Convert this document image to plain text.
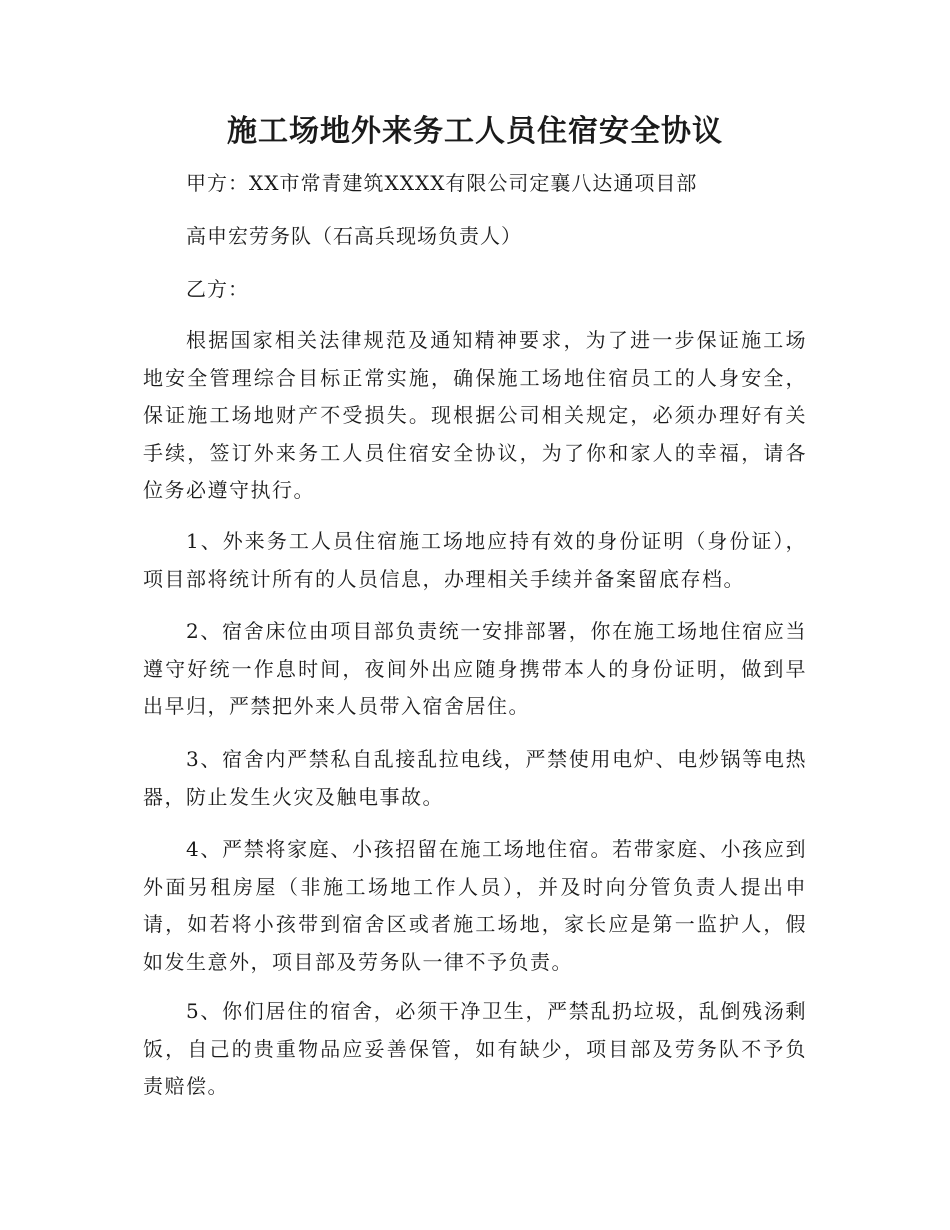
施工场地外来务工人员住宿安全协议
甲方：XX市常青建筑XXXX有限公司定襄八达通项目部
高申宏劳务队（石高兵现场负责人）
乙方：

根据国家相关法律规范及通知精神要求，为了进一步保证施工场地安全管理综合目标正常实施，确保施工场地住宿员工的人身安全，保证施工场地财产不受损失。现根据公司相关规定，必须办理好有关手续，签订外来务工人员住宿安全协议，为了你和家人的幸福，请各位务必遵守执行。

1、外来务工人员住宿施工场地应持有效的身份证明（身份证），项目部将统计所有的人员信息，办理相关手续并备案留底存档。

2、宿舍床位由项目部负责统一安排部署，你在施工场地住宿应当遵守好统一作息时间，夜间外出应随身携带本人的身份证明，做到早出早归，严禁把外来人员带入宿舍居住。

3、宿舍内严禁私自乱接乱拉电线，严禁使用电炉、电炒锅等电热器，防止发生火灾及触电事故。

4、严禁将家庭、小孩招留在施工场地住宿。若带家庭、小孩应到外面另租房屋（非施工场地工作人员），并及时向分管负责人提出申请，如若将小孩带到宿舍区或者施工场地，家长应是第一监护人，假如发生意外，项目部及劳务队一律不予负责。

5、你们居住的宿舍，必须干净卫生，严禁乱扔垃圾，乱倒残汤剩饭，自己的贵重物品应妥善保管，如有缺少，项目部及劳务队不予负责赔偿。
